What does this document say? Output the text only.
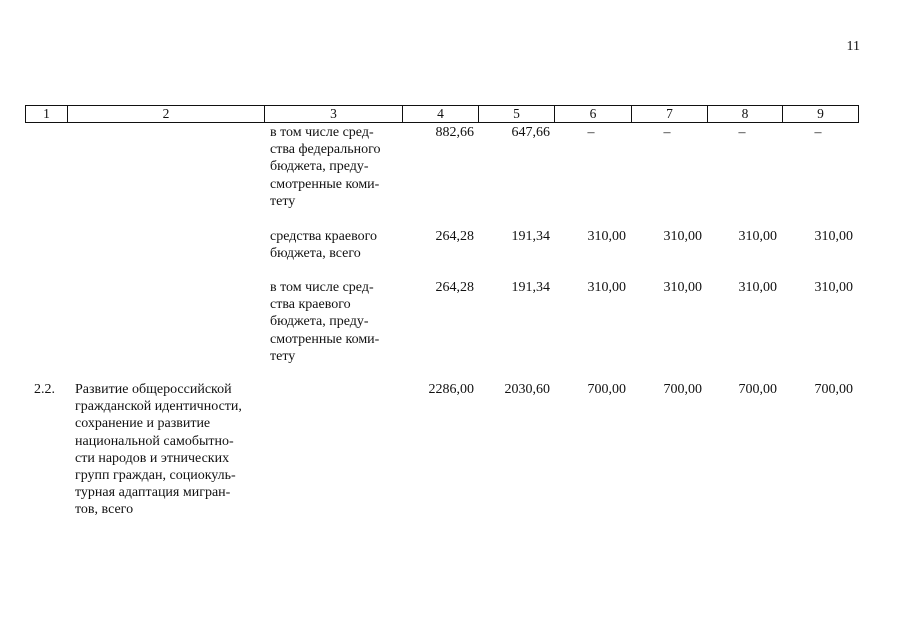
11
1	2	3	4	5	6	7	8	9
в том числе сред-
ства федерального
бюджета, преду-
смотренные коми-
тету
882,66	647,66	–	–	–	–
средства краевого
бюджета, всего
264,28	191,34	310,00	310,00	310,00	310,00
в том числе сред-
ства краевого
бюджета, преду-
смотренные коми-
тету
264,28	191,34	310,00	310,00	310,00	310,00
2.2.	Развитие общероссийской
гражданской идентичности,
сохранение и развитие
национальной самобытно-
сти народов и этнических
групп граждан, социокуль-
турная адаптация мигран-
тов, всего
2286,00	2030,60	700,00	700,00	700,00	700,00
